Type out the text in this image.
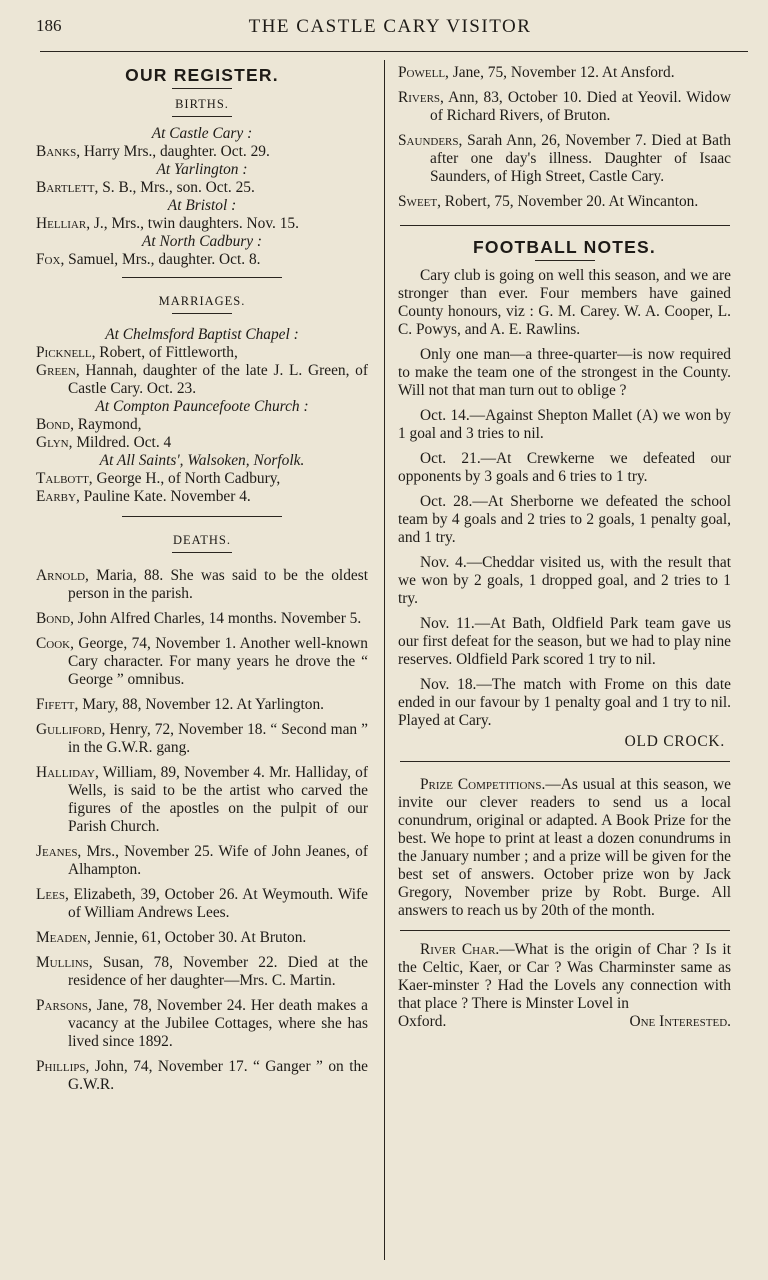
186	THE CASTLE CARY VISITOR
OUR REGISTER.
BIRTHS.
At Castle Cary :
Banks, Harry Mrs., daughter. Oct. 29.
At Yarlington :
Bartlett, S. B., Mrs., son. Oct. 25.
At Bristol :
Helliar, J., Mrs., twin daughters. Nov. 15.
At North Cadbury :
Fox, Samuel, Mrs., daughter. Oct. 8.
MARRIAGES.
At Chelmsford Baptist Chapel :
Picknell, Robert, of Fittleworth,
Green, Hannah, daughter of the late J. L. Green, of Castle Cary. Oct. 23.
At Compton Pauncefoote Church :
Bond, Raymond,
Glyn, Mildred. Oct. 4
At All Saints', Walsoken, Norfolk.
Talbott, George H., of North Cadbury,
Earby, Pauline Kate. November 4.
DEATHS.
Arnold, Maria, 88. She was said to be the oldest person in the parish.
Bond, John Alfred Charles, 14 months. November 5.
Cook, George, 74, November 1. Another well-known Cary character. For many years he drove the “ George ” omnibus.
Fifett, Mary, 88, November 12. At Yarlington.
Gulliford, Henry, 72, November 18. “ Second man ” in the G.W.R. gang.
Halliday, William, 89, November 4. Mr. Halliday, of Wells, is said to be the artist who carved the figures of the apostles on the pulpit of our Parish Church.
Jeanes, Mrs., November 25. Wife of John Jeanes, of Alhampton.
Lees, Elizabeth, 39, October 26. At Weymouth. Wife of William Andrews Lees.
Meaden, Jennie, 61, October 30. At Bruton.
Mullins, Susan, 78, November 22. Died at the residence of her daughter—Mrs. C. Martin.
Parsons, Jane, 78, November 24. Her death makes a vacancy at the Jubilee Cottages, where she has lived since 1892.
Phillips, John, 74, November 17. “ Ganger ” on the G.W.R.
Powell, Jane, 75, November 12. At Ansford.
Rivers, Ann, 83, October 10. Died at Yeovil. Widow of Richard Rivers, of Bruton.
Saunders, Sarah Ann, 26, November 7. Died at Bath after one day's illness. Daughter of Isaac Saunders, of High Street, Castle Cary.
Sweet, Robert, 75, November 20. At Wincanton.
FOOTBALL NOTES.
Cary club is going on well this season, and we are stronger than ever. Four members have gained County honours, viz : G. M. Carey. W. A. Cooper, L. C. Powys, and A. E. Rawlins.
Only one man—a three-quarter—is now required to make the team one of the strongest in the County. Will not that man turn out to oblige ?
Oct. 14.—Against Shepton Mallet (A) we won by 1 goal and 3 tries to nil.
Oct. 21.—At Crewkerne we defeated our opponents by 3 goals and 6 tries to 1 try.
Oct. 28.—At Sherborne we defeated the school team by 4 goals and 2 tries to 2 goals, 1 penalty goal, and 1 try.
Nov. 4.—Cheddar visited us, with the result that we won by 2 goals, 1 dropped goal, and 2 tries to 1 try.
Nov. 11.—At Bath, Oldfield Park team gave us our first defeat for the season, but we had to play nine reserves. Oldfield Park scored 1 try to nil.
Nov. 18.—The match with Frome on this date ended in our favour by 1 penalty goal and 1 try to nil. Played at Cary.
OLD CROCK.
Prize Competitions.—As usual at this season, we invite our clever readers to send us a local conundrum, original or adapted. A Book Prize for the best. We hope to print at least a dozen conundrums in the January number ; and a prize will be given for the best set of answers. October prize won by Jack Gregory, November prize by Robt. Burge. All answers to reach us by 20th of the month.
River Char.—What is the origin of Char ? Is it the Celtic, Kaer, or Car ? Was Charminster same as Kaer-minster ? Had the Lovels any connection with that place ? There is Minster Lovel in
Oxford.	One Interested.
